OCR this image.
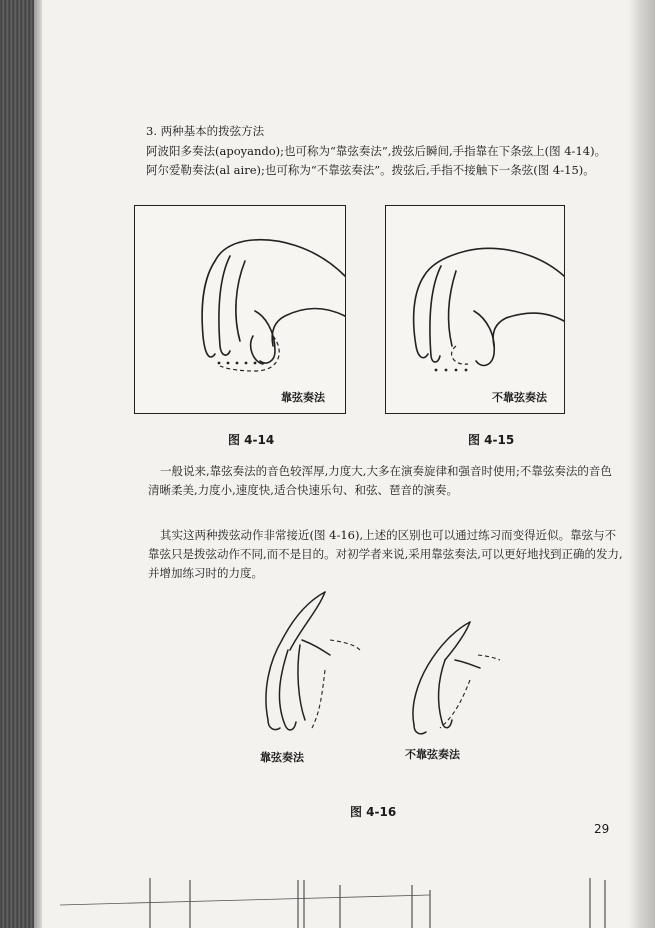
3. 两种基本的拨弦方法
阿波阳多奏法(apoyando);也可称为“靠弦奏法”,拨弦后瞬间,手指靠在下条弦上(图 4-14)。
阿尔爱勒奏法(al aire);也可称为“不靠弦奏法”。拨弦后,手指不接触下一条弦(图 4-15)。
靠弦奏法
图 4-14
不靠弦奏法
图 4-15
一般说来,靠弦奏法的音色较浑厚,力度大,大多在演奏旋律和强音时使用;不靠弦奏法的音色
清晰柔美,力度小,速度快,适合快速乐句、和弦、琶音的演奏。
其实这两种拨弦动作非常接近(图 4-16),上述的区别也可以通过练习而变得近似。靠弦与不
靠弦只是拨弦动作不同,而不是目的。对初学者来说,采用靠弦奏法,可以更好地找到正确的发力,
并增加练习时的力度。
靠弦奏法	不靠弦奏法
图 4-16
29
